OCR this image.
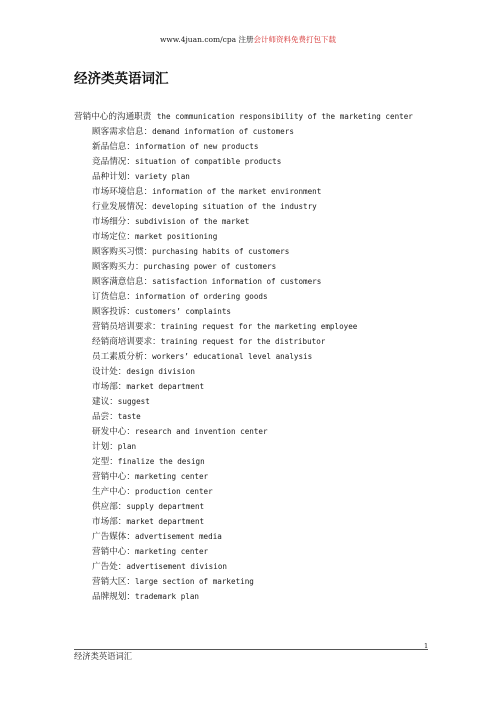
www.4juan.com/cpa 注册会计师资料免费打包下载
经济类英语词汇
营销中心的沟通职责 the communication responsibility of the marketing center
顾客需求信息：demand information of customers
新品信息：information of new products
竞品情况：situation of compatible products
品种计划：variety plan
市场环境信息：information of the market environment
行业发展情况：developing situation of the industry
市场细分：subdivision of the market
市场定位：market positioning
顾客购买习惯：purchasing habits of customers
顾客购买力：purchasing power of customers
顾客满意信息：satisfaction information of customers
订货信息：information of ordering goods
顾客投诉：customers’ complaints
营销员培训要求：training request for the marketing employee
经销商培训要求：training request for the distributor
员工素质分析：workers’ educational level analysis
设计处：design division
市场部：market department
建议：suggest
品尝：taste
研发中心：research and invention center
计划：plan
定型：finalize the design
营销中心：marketing center
生产中心：production center
供应部：supply department
市场部：market department
广告媒体：advertisement media
营销中心：marketing center
广告处：advertisement division
营销大区：large section of marketing
品牌规划：trademark plan
1
经济类英语词汇
